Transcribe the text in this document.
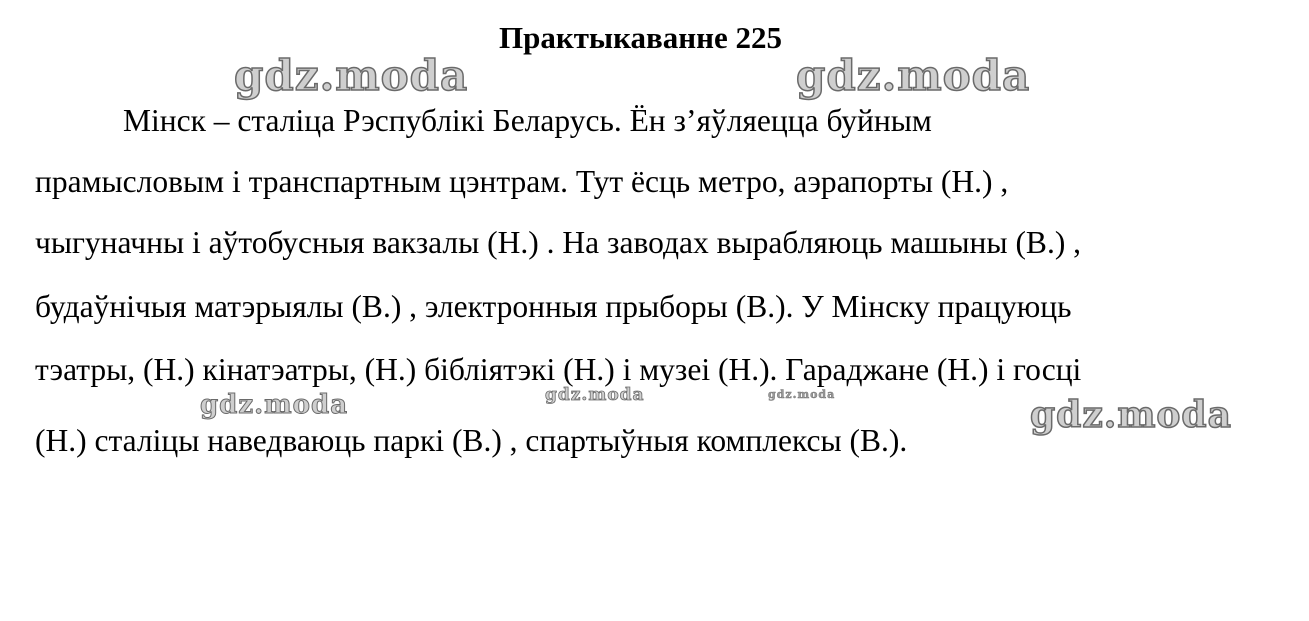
Практыкаванне 225
Мінск – сталіца Рэспублікі Беларусь. Ён з’яўляецца буйным
прамысловым і транспартным цэнтрам. Тут ёсць метро, аэрапорты (Н.) ,
чыгуначны і аўтобусныя вакзалы (Н.) . На заводах вырабляюць машыны (В.) ,
будаўнічыя матэрыялы (В.) , электронныя прыборы (В.). У Мінску працуюць
тэатры, (Н.) кінатэатры, (Н.) бібліятэкі (Н.) і музеі (Н.). Гараджане (Н.) і госці
(Н.) сталіцы наведваюць паркі (В.) , спартыўныя комплексы (В.).
gdz.moda	gdz.moda
gdz.moda	gdz.moda	gdz.moda	gdz.moda
